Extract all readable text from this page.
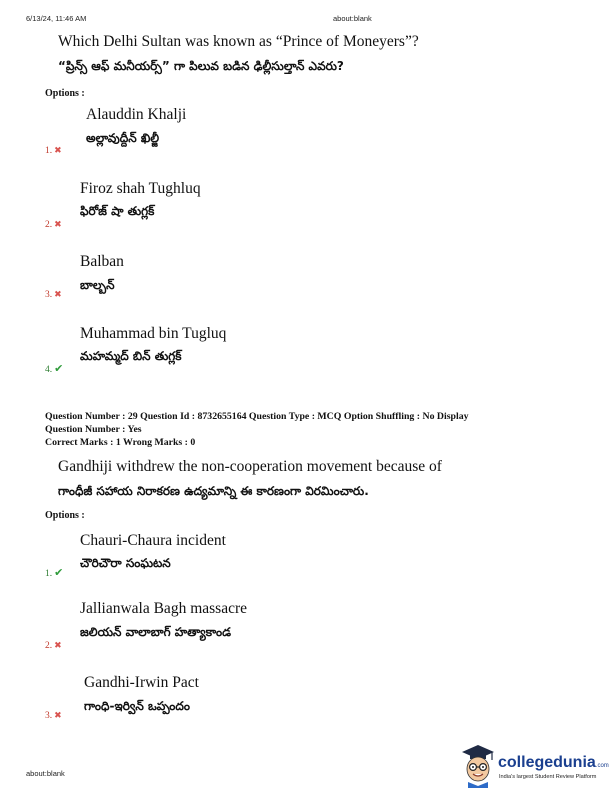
6/13/24, 11:46 AM	about:blank
Which Delhi Sultan was known as “Prince of Moneyers”?
“ప్రిన్స్ ఆఫ్ మనీయర్స్” గా పిలువ బడిన ఢిల్లీసుల్తాన్ ఎవరు?
Options :
Alauddin Khalji
అల్లావుద్దీన్ ఖిల్జీ
1. ✖
Firoz shah Tughluq
ఫిరోజ్ షా తుగ్లక్
2. ✖
Balban
బాల్బన్
3. ✖
Muhammad bin Tugluq
మహమ్మద్ బిన్ తుగ్లక్
4. ✔
Question Number : 29 Question Id : 8732655164 Question Type : MCQ Option Shuffling : No Display
Question Number : Yes
Correct Marks : 1 Wrong Marks : 0
Gandhiji withdrew the non-cooperation movement because of
గాంధీజీ సహాయ నిరాకరణ ఉద్యమాన్ని ఈ కారణంగా విరమించారు.
Options :
Chauri-Chaura incident
చౌరిచౌరా సంఘటన
1. ✔
Jallianwala Bagh massacre
జలియన్ వాలాబాగ్ హత్యాకాండ
2. ✖
Gandhi-Irwin Pact
గాంధి-ఇర్విన్ ఒప్పందం
3. ✖
about:blank
collegedunia.com
India's largest Student Review Platform
